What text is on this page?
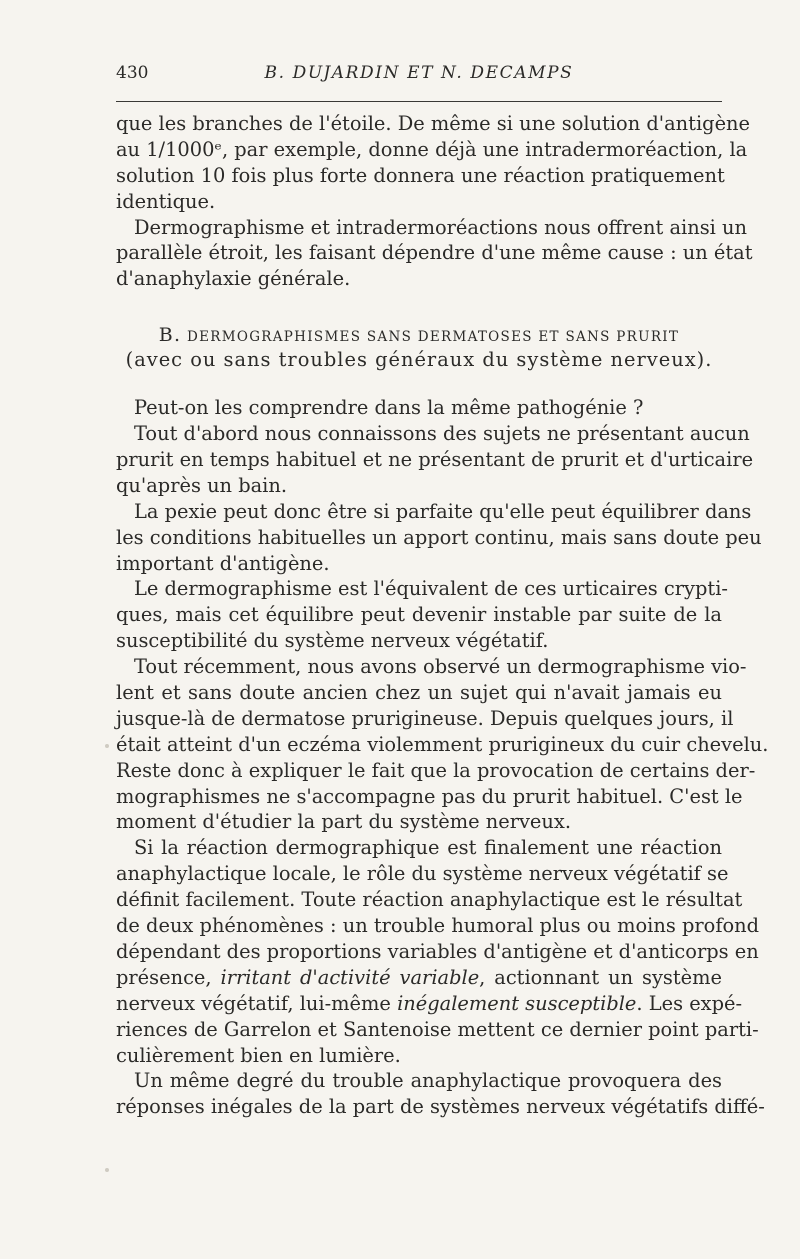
430	B. DUJARDIN ET N. DECAMPS
que les branches de l'étoile. De même si une solution d'antigène
au 1/1000ᵉ, par exemple, donne déjà une intradermoréaction, la
solution 10 fois plus forte donnera une réaction pratiquement
identique.
Dermographisme et intradermoréactions nous offrent ainsi un
parallèle étroit, les faisant dépendre d'une même cause : un état
d'anaphylaxie générale.
B. DERMOGRAPHISMES SANS DERMATOSES ET SANS PRURIT
(avec ou sans troubles généraux du système nerveux).
Peut-on les comprendre dans la même pathogénie ?
Tout d'abord nous connaissons des sujets ne présentant aucun
prurit en temps habituel et ne présentant de prurit et d'urticaire
qu'après un bain.
La pexie peut donc être si parfaite qu'elle peut équilibrer dans
les conditions habituelles un apport continu, mais sans doute peu
important d'antigène.
Le dermographisme est l'équivalent de ces urticaires crypti-
ques, mais cet équilibre peut devenir instable par suite de la
susceptibilité du système nerveux végétatif.
Tout récemment, nous avons observé un dermographisme vio-
lent et sans doute ancien chez un sujet qui n'avait jamais eu
jusque-là de dermatose prurigineuse. Depuis quelques jours, il
était atteint d'un eczéma violemment prurigineux du cuir chevelu.
Reste donc à expliquer le fait que la provocation de certains der-
mographismes ne s'accompagne pas du prurit habituel. C'est le
moment d'étudier la part du système nerveux.
Si la réaction dermographique est finalement une réaction
anaphylactique locale, le rôle du système nerveux végétatif se
définit facilement. Toute réaction anaphylactique est le résultat
de deux phénomènes : un trouble humoral plus ou moins profond
dépendant des proportions variables d'antigène et d'anticorps en
présence, irritant d'activité variable, actionnant un système
nerveux végétatif, lui-même inégalement susceptible. Les expé-
riences de Garrelon et Santenoise mettent ce dernier point parti-
culièrement bien en lumière.
Un même degré du trouble anaphylactique provoquera des
réponses inégales de la part de systèmes nerveux végétatifs diffé-
